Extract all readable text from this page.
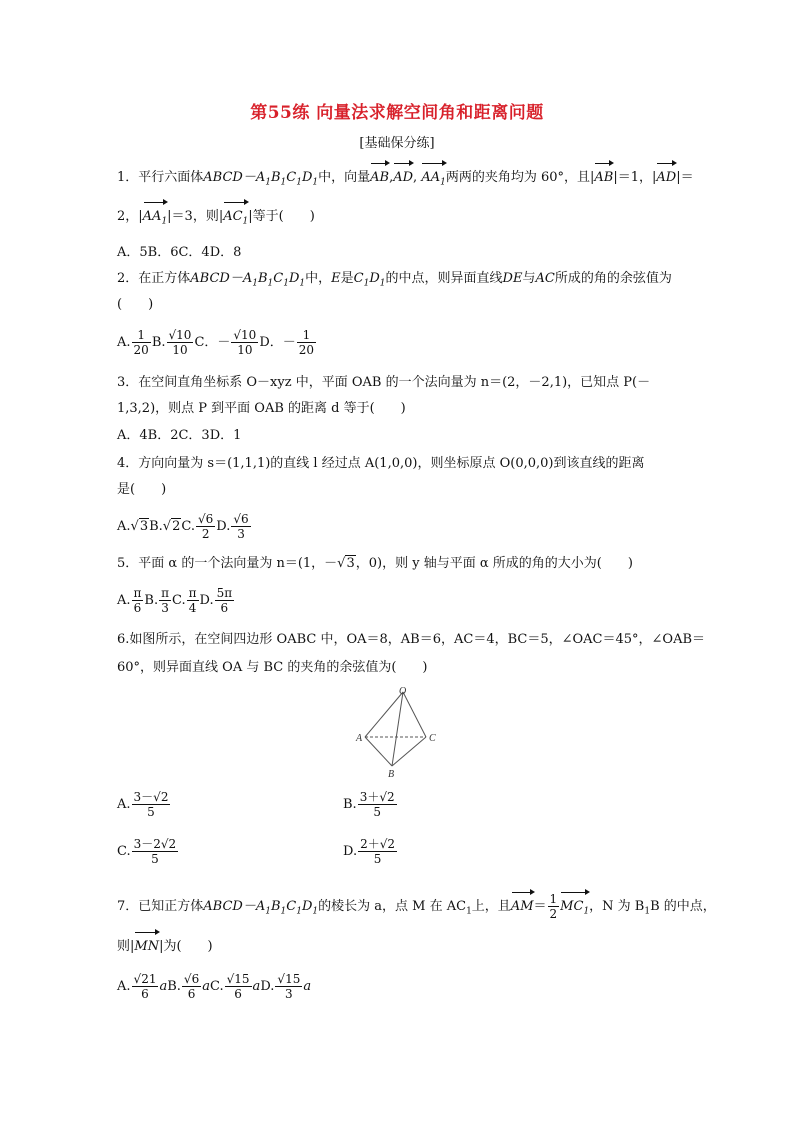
第55练 向量法求解空间角和距离问题
[基础保分练]
1．平行六面体$ABCD-A_1B_1C_1D_1$中，向量AB,AD, $AA_1$两两的夹角均为 60°，且|AB|＝1，|AD|＝
2，$|AA_1|=3$，则$|AC_1|$等于(　　)
A．5B．6C．4D．8
2．在正方体$ABCD-A_1B_1C_1D_1$中，E是$C_1D_1$的中点，则异面直线DE与AC所成的角的余弦值为
(　　)
A. $\frac{1}{20} B$. $\frac{√10}{10}$ C．－ $\frac{√10}{10}$ D．－ $\frac{1}{20}$
3．在空间直角坐标系 O－xyz 中，平面 OAB 的一个法向量为 n＝(2，－2,1)，已知点 P(－
1,3,2)，则点 P 到平面 OAB 的距离 d 等于(　　)
A．4B．2C．3D．1
4．方向向量为 s＝(1,1,1)的直线 l 经过点 A(1,0,0)，则坐标原点 O(0,0,0)到该直线的距离
是(　　)
A.√3B.√2C. $\frac{√6}{2} D$. $\frac{√6}{3}$
5．平面 α 的一个法向量为 n＝(1，－√3，0)，则 y 轴与平面 α 所成的角的大小为(　　)
A. $\frac{\pi}{6} B$. $\frac{\pi}{3} C$. $\frac{\pi}{4} D$. $\frac{5\pi}{6}$
6.如图所示，在空间四边形 OABC 中，OA＝8，AB＝6，AC＝4，BC＝5，∠OAC＝45°，∠OAB＝
60°，则异面直线 OA 与 BC 的夹角的余弦值为(　　)
O
A
B
C
A. $\frac{3-√2}{5}$	B. $\frac{3+√2}{5}$
C. $\frac{3-2√2}{5}$	D. $\frac{2+√2}{5}$
7．已知正方体$ABCD-A_1B_1C_1D_1$的棱长为 a，点 M 在 $AC_1$上，且$AM= \frac{1}{2} MC_1$，N 为 $B_1B$ 的中点，
则|MN|为(　　)
A. $\frac{√21}{6}$ aB. $\frac{√6}{6}$ aC. $\frac{√15}{6}$ aD. $\frac{√15}{3}$ a
